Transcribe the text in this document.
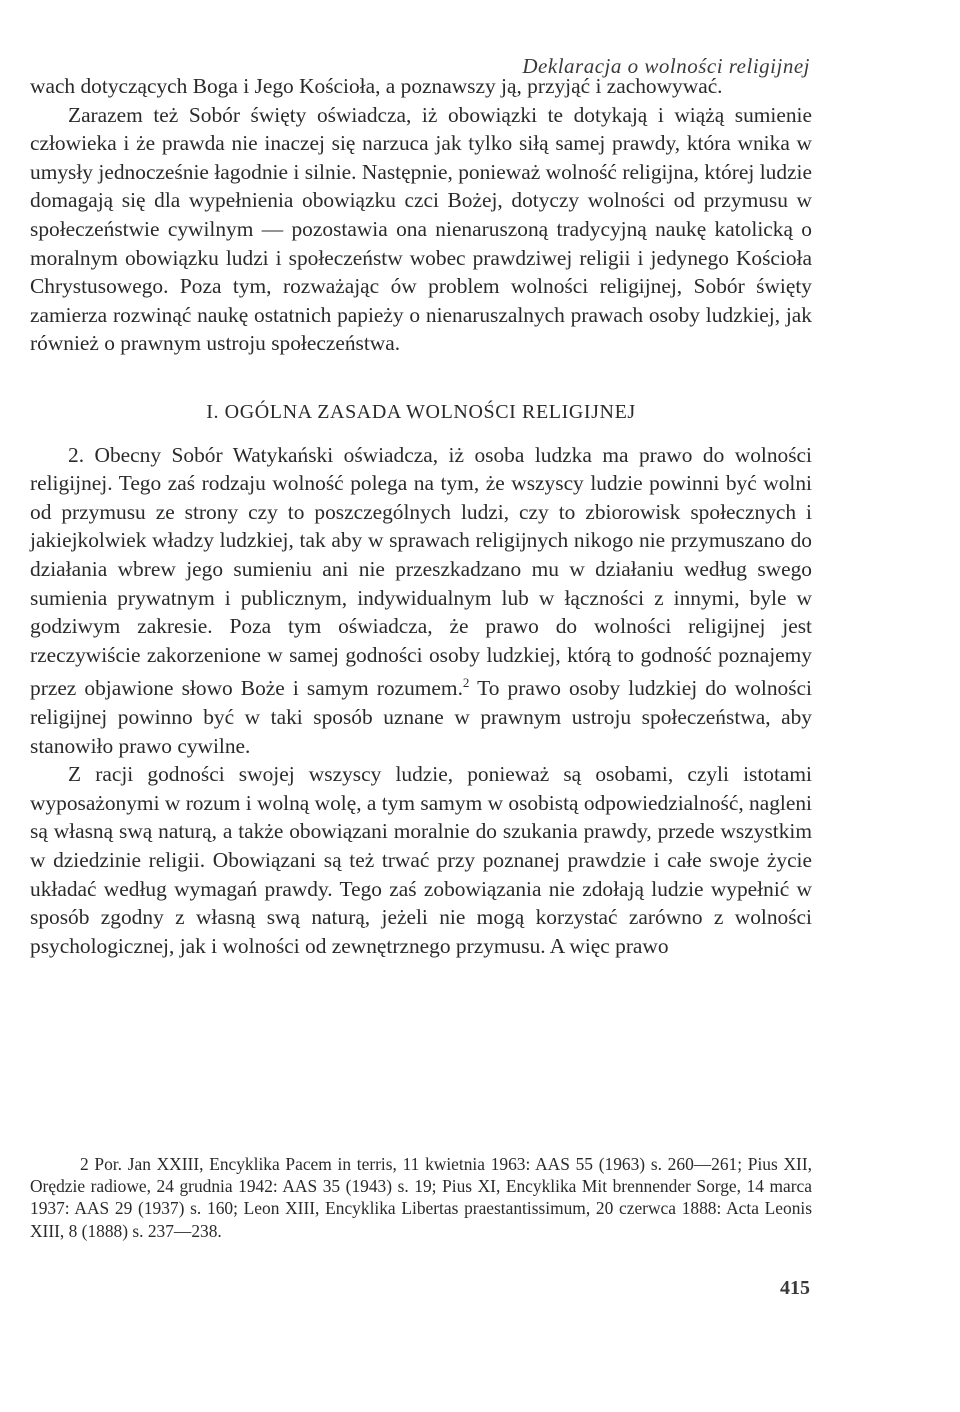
Deklaracja o wolności religijnej

wach dotyczących Boga i Jego Kościoła, a poznawszy ją, przyjąć i zachowywać.

Zarazem też Sobór święty oświadcza, iż obowiązki te dotykają i wiążą sumienie człowieka i że prawda nie inaczej się narzuca jak tylko siłą samej prawdy, która wnika w umysły jednocześnie łagodnie i silnie. Następnie, ponieważ wolność religijna, której ludzie domagają się dla wypełnienia obowiązku czci Bożej, dotyczy wolności od przymusu w społeczeństwie cywilnym — pozostawia ona nienaruszoną tradycyjną naukę katolicką o moralnym obowiązku ludzi i społeczeństw wobec prawdziwej religii i jedynego Kościoła Chrystusowego. Poza tym, rozważając ów problem wolności religijnej, Sobór święty zamierza rozwinąć naukę ostatnich papieży o nienaruszalnych prawach osoby ludzkiej, jak również o prawnym ustroju społeczeństwa.

I. OGÓLNA ZASADA WOLNOŚCI RELIGIJNEJ

2. Obecny Sobór Watykański oświadcza, iż osoba ludzka ma prawo do wolności religijnej. Tego zaś rodzaju wolność polega na tym, że wszyscy ludzie powinni być wolni od przymusu ze strony czy to poszczególnych ludzi, czy to zbiorowisk społecznych i jakiejkolwiek władzy ludzkiej, tak aby w sprawach religijnych nikogo nie przymuszano do działania wbrew jego sumieniu ani nie przeszkadzano mu w działaniu według swego sumienia prywatnym i publicznym, indywidualnym lub w łączności z innymi, byle w godziwym zakresie. Poza tym oświadcza, że prawo do wolności religijnej jest rzeczywiście zakorzenione w samej godności osoby ludzkiej, którą to godność poznajemy przez objawione słowo Boże i samym rozumem.$^2$ To prawo osoby ludzkiej do wolności religijnej powinno być w taki sposób uznane w prawnym ustroju społeczeństwa, aby stanowiło prawo cywilne.

Z racji godności swojej wszyscy ludzie, ponieważ są osobami, czyli istotami wyposażonymi w rozum i wolną wolę, a tym samym w osobistą odpowiedzialność, nagleni są własną swą naturą, a także obowiązani moralnie do szukania prawdy, przede wszystkim w dziedzinie religii. Obowiązani są też trwać przy poznanej prawdzie i całe swoje życie układać według wymagań prawdy. Tego zaś zobowiązania nie zdołają ludzie wypełnić w sposób zgodny z własną swą naturą, jeżeli nie mogą korzystać zarówno z wolności psychologicznej, jak i wolności od zewnętrznego przymusu. A więc prawo

2 Por. Jan XXIII, Encyklika Pacem in terris, 11 kwietnia 1963: AAS 55 (1963) s. 260—261; Pius XII, Orędzie radiowe, 24 grudnia 1942: AAS 35 (1943) s. 19; Pius XI, Encyklika Mit brennender Sorge, 14 marca 1937: AAS 29 (1937) s. 160; Leon XIII, Encyklika Libertas praestantissimum, 20 czerwca 1888: Acta Leonis XIII, 8 (1888) s. 237—238.
415
